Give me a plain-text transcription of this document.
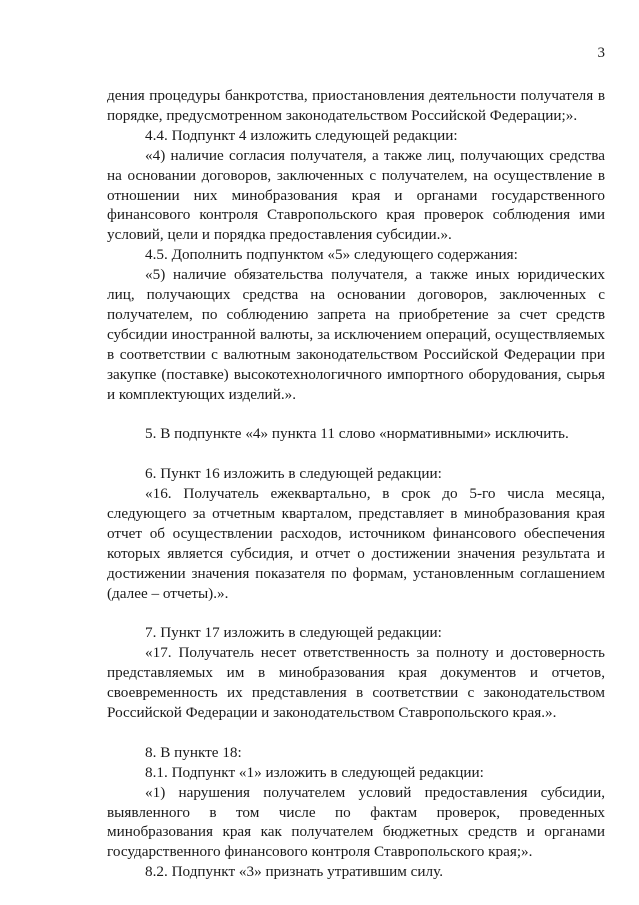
3

дения процедуры банкротства, приостановления деятельности получателя в порядке, предусмотренном законодательством Российской Федерации;».

4.4. Подпункт 4 изложить следующей редакции:

«4) наличие согласия получателя, а также лиц, получающих средства на основании договоров, заключенных с получателем, на осуществление в отношении них минобразования края и органами государственного финансового контроля Ставропольского края проверок соблюдения ими условий, цели и порядка предоставления субсидии.».

4.5. Дополнить подпунктом «5» следующего содержания:

«5) наличие обязательства получателя, а также иных юридических лиц, получающих средства на основании договоров, заключенных с получателем, по соблюдению запрета на приобретение за счет средств субсидии иностранной валюты, за исключением операций, осуществляемых в соответствии с валютным законодательством Российской Федерации при закупке (поставке) высокотехнологичного импортного оборудования, сырья и комплектующих изделий.».

5. В подпункте «4» пункта 11 слово «нормативными» исключить.

6. Пункт 16 изложить в следующей редакции:

«16. Получатель ежеквартально, в срок до 5-го числа месяца, следующего за отчетным кварталом, представляет в минобразования края отчет об осуществлении расходов, источником финансового обеспечения которых является субсидия, и отчет о достижении значения результата и достижении значения показателя по формам, установленным соглашением (далее – отчеты).».

7. Пункт 17 изложить в следующей редакции:

«17. Получатель несет ответственность за полноту и достоверность представляемых им в минобразования края документов и отчетов, своевременность их представления в соответствии с законодательством Российской Федерации и законодательством Ставропольского края.».

8. В пункте 18:

8.1. Подпункт «1» изложить в следующей редакции:

«1) нарушения получателем условий предоставления субсидии, выявленного в том числе по фактам проверок, проведенных минобразования края как получателем бюджетных средств и органами государственного финансового контроля Ставропольского края;».

8.2. Подпункт «3» признать утратившим силу.
